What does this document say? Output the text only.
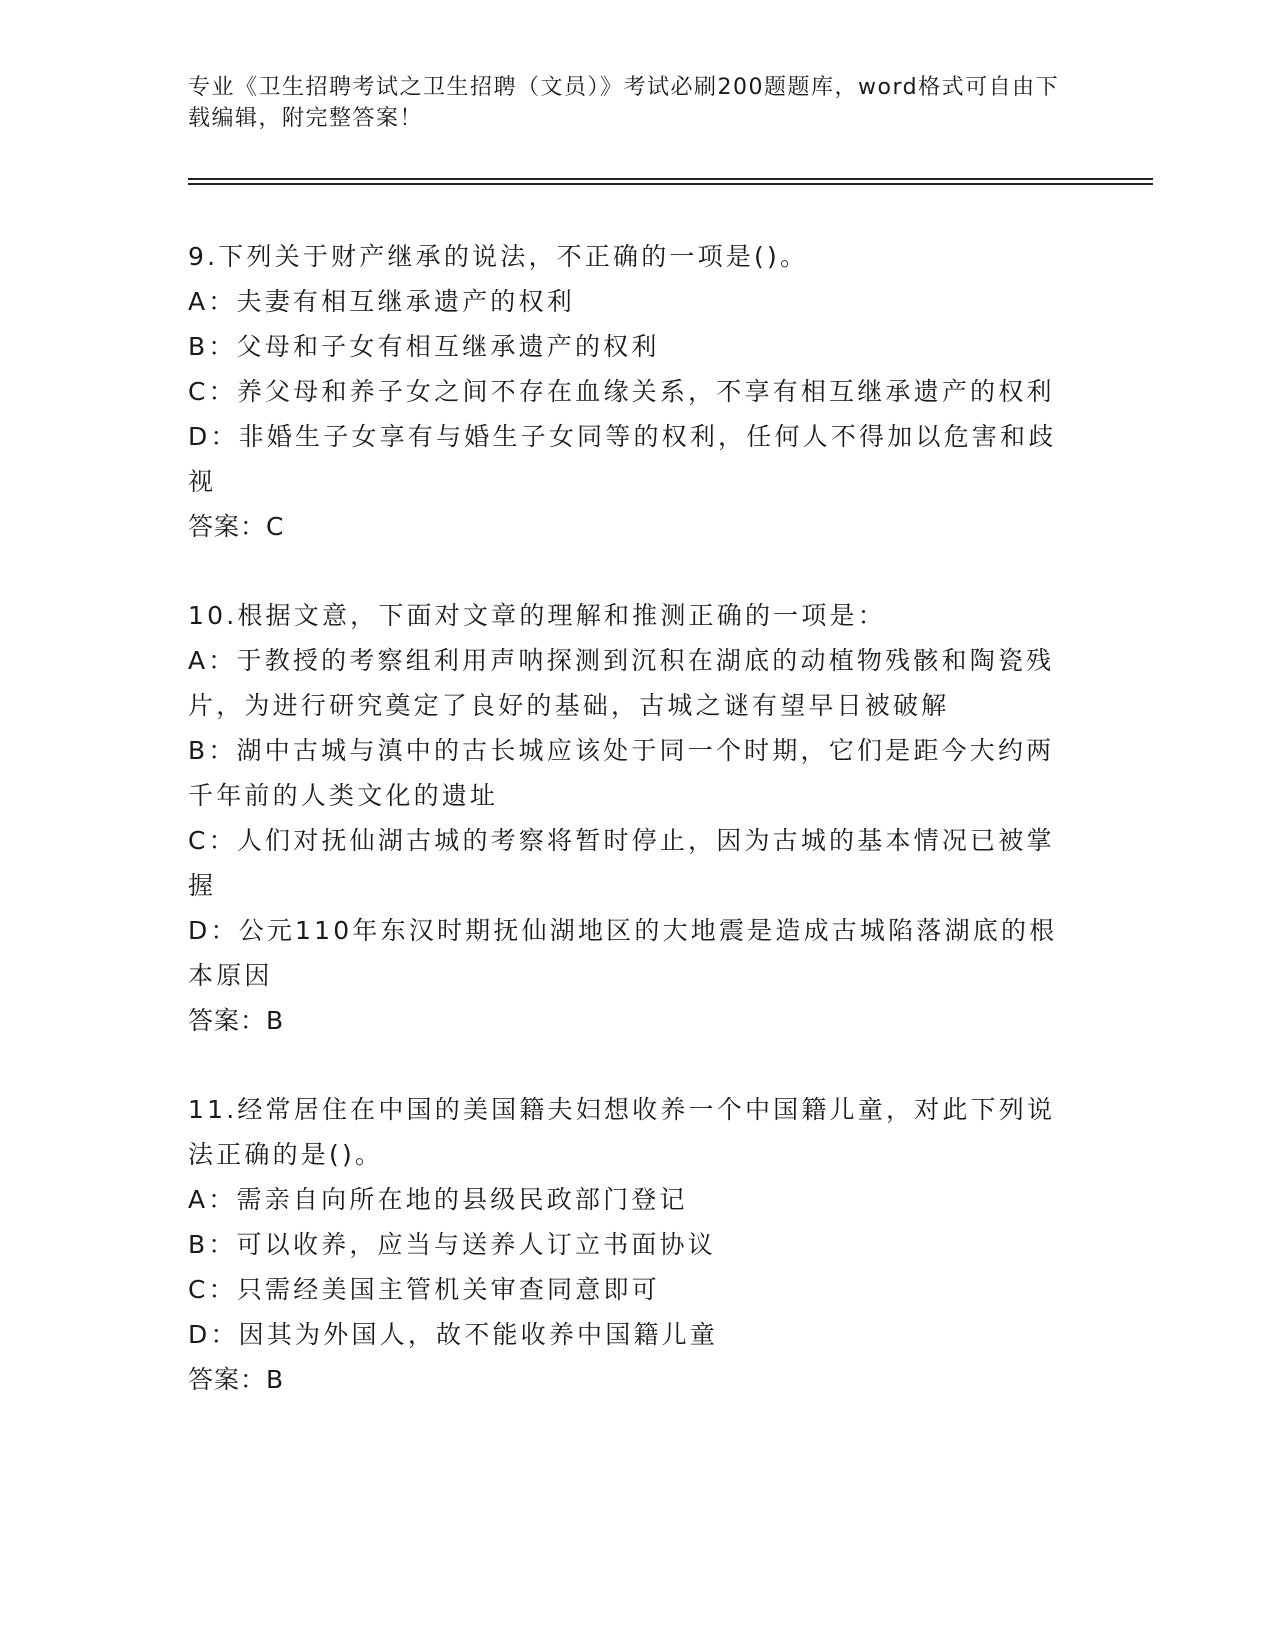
专业《卫生招聘考试之卫生招聘（文员）》考试必刷200题题库，word格式可自由下载编辑，附完整答案！

9.下列关于财产继承的说法，不正确的一项是()。

A：夫妻有相互继承遗产的权利

B：父母和子女有相互继承遗产的权利

C：养父母和养子女之间不存在血缘关系，不享有相互继承遗产的权利

D：非婚生子女享有与婚生子女同等的权利，任何人不得加以危害和歧视

答案：C

10.根据文意，下面对文章的理解和推测正确的一项是：

A：于教授的考察组利用声呐探测到沉积在湖底的动植物残骸和陶瓷残片，为进行研究奠定了良好的基础，古城之谜有望早日被破解

B：湖中古城与滇中的古长城应该处于同一个时期，它们是距今大约两千年前的人类文化的遗址

C：人们对抚仙湖古城的考察将暂时停止，因为古城的基本情况已被掌握

D：公元110年东汉时期抚仙湖地区的大地震是造成古城陷落湖底的根本原因

答案：B

11.经常居住在中国的美国籍夫妇想收养一个中国籍儿童，对此下列说法正确的是()。

A：需亲自向所在地的县级民政部门登记

B：可以收养，应当与送养人订立书面协议

C：只需经美国主管机关审查同意即可

D：因其为外国人，故不能收养中国籍儿童

答案：B
